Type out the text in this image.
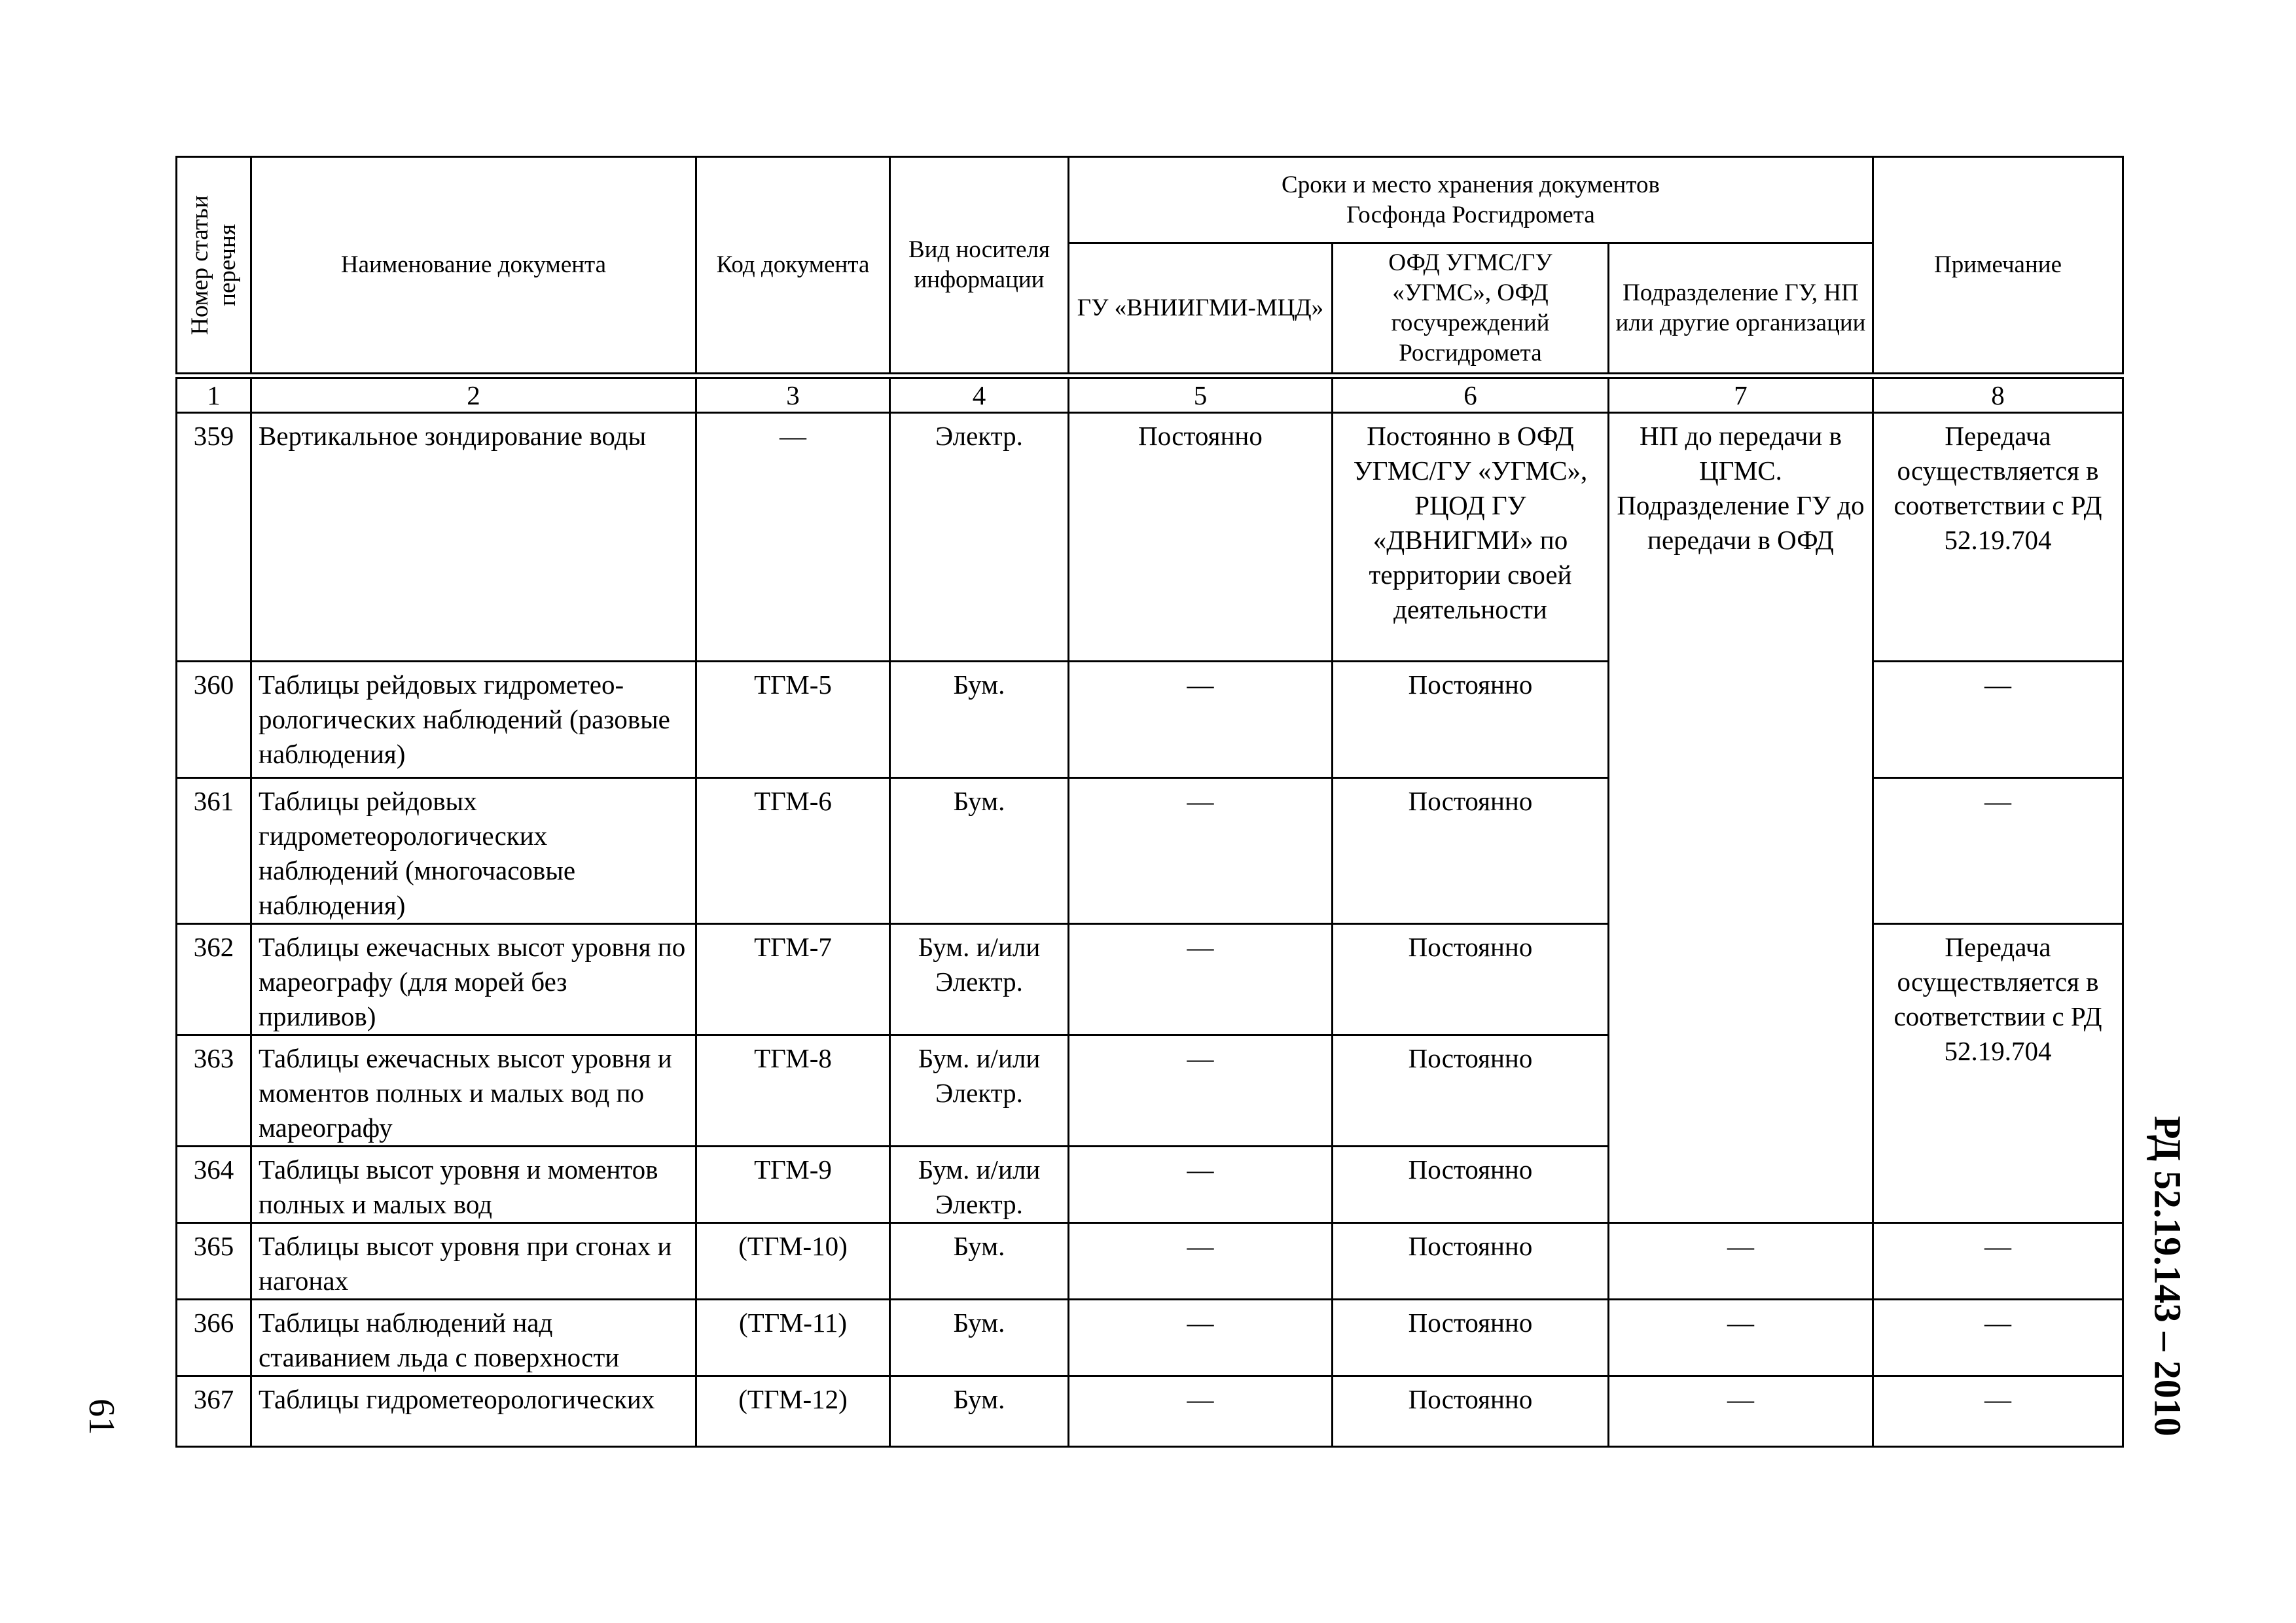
Номер статьи перечня	Наименование документа	Код документа	Вид носителя информации	Сроки и место хранения документов Госфонда Росгидромета			Примечание
				ГУ «ВНИИГМИ-МЦД»	ОФД УГМС/ГУ «УГМС», ОФД госучреждений Росгидромета	Подразделение ГУ, НП или другие организации	
1	2	3	4	5	6	7	8
359	Вертикальное зондирование воды	—	Электр.	Постоянно	Постоянно в ОФД УГМС/ГУ «УГМС», РЦОД ГУ «ДВНИГМИ» по территории своей деятельности	НП до передачи в ЦГМС. Подразделение ГУ до передачи в ОФД	Передача осуществляется в соответствии с РД 52.19.704
360	Таблицы рейдовых гидрометео-рологических наблюдений (разовые наблюдения)	ТГМ-5	Бум.	—	Постоянно		—
361	Таблицы рейдовых гидрометеорологических наблюдений (многочасовые наблюдения)	ТГМ-6	Бум.	—	Постоянно		—
362	Таблицы ежечасных высот уровня по мареографу (для морей без приливов)	ТГМ-7	Бум. и/или Электр.	—	Постоянно		Передача осуществляется в соответствии с РД 52.19.704
363	Таблицы ежечасных высот уровня и моментов полных и малых вод по мареографу	ТГМ-8	Бум. и/или Электр.	—	Постоянно		
364	Таблицы высот уровня и моментов полных и малых вод	ТГМ-9	Бум. и/или Электр.	—	Постоянно		
365	Таблицы высот уровня при сгонах и нагонах	(ТГМ-10)	Бум.	—	Постоянно	—	—
366	Таблицы наблюдений над стаиванием льда с поверхности	(ТГМ-11)	Бум.	—	Постоянно	—	—
367	Таблицы гидрометеорологических	(ТГМ-12)	Бум.	—	Постоянно	—	—	РД 52.19.143 – 2010
61
